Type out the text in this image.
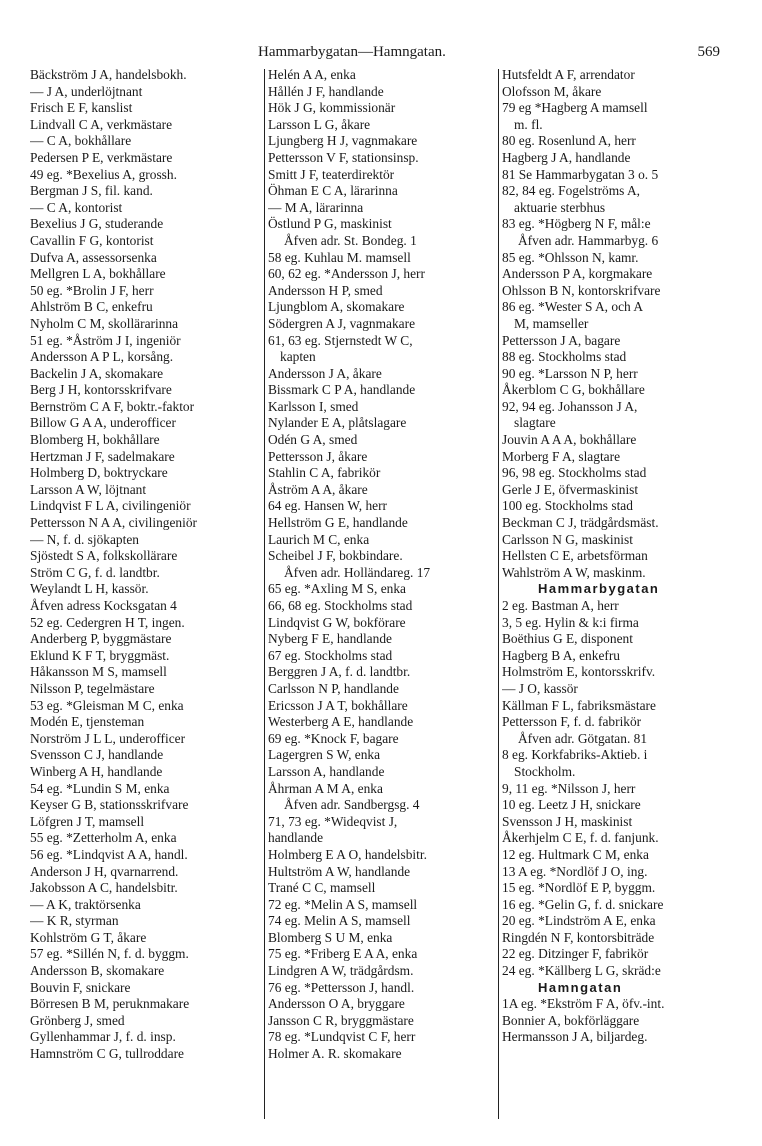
Hammarbygatan—Hamngatan.	569
Bäckström J A, handelsbokh.
— J A, underlöjtnant
Frisch E F, kanslist
Lindvall C A, verkmästare
— C A, bokhållare
Pedersen P E, verkmästare
49 eg. *Bexelius A, grossh.
Bergman J S, fil. kand.
— C A, kontorist
Bexelius J G, studerande
Cavallin F G, kontorist
Dufva A, assessorsenka
Mellgren L A, bokhållare
50 eg. *Brolin J F, herr
Ahlström B C, enkefru
Nyholm C M, skollärarinna
51 eg. *Åström J I, ingeniör
Andersson A P L, korsång.
Backelin J A, skomakare
Berg J H, kontorsskrifvare
Bernström C A F, boktr.-faktor
Billow G A A, underofficer
Blomberg H, bokhållare
Hertzman J F, sadelmakare
Holmberg D, boktryckare
Larsson A W, löjtnant
Lindqvist F L A, civilingeniör
Pettersson N A A, civilingeniör
— N, f. d. sjökapten
Sjöstedt S A, folkskollärare
Ström C G, f. d. landtbr.
Weylandt L H, kassör.
Åfven adress Kocksgatan 4
52 eg. Cedergren H T, ingen.
Anderberg P, byggmästare
Eklund K F T, bryggmäst.
Håkansson M S, mamsell
Nilsson P, tegelmästare
53 eg. *Gleisman M C, enka
Modén E, tjensteman
Norström J L L, underofficer
Svensson C J, handlande
Winberg A H, handlande
54 eg. *Lundin S M, enka
Keyser G B, stationsskrifvare
Löfgren J T, mamsell
55 eg. *Zetterholm A, enka
56 eg. *Lindqvist A A, handl.
Anderson J H, qvarnarrend.
Jakobsson A C, handelsbitr.
— A K, traktörsenka
— K R, styrman
Kohlström G T, åkare
57 eg. *Sillén N, f. d. byggm.
Andersson B, skomakare
Bouvin F, snickare
Börresen B M, peruknmakare
Grönberg J, smed
Gyllenhammar J, f. d. insp.
Hamnström C G, tullroddare
Helén A A, enka
Hållén J F, handlande
Hök J G, kommissionär
Larsson L G, åkare
Ljungberg H J, vagnmakare
Pettersson V F, stationsinsp.
Smitt J F, teaterdirektör
Öhman E C A, lärarinna
— M A, lärarinna
Östlund P G, maskinist
Åfven adr. St. Bondeg. 1
58 eg. Kuhlau M. mamsell
60, 62 eg. *Andersson J, herr
Andersson H P, smed
Ljungblom A, skomakare
Södergren A J, vagnmakare
61, 63 eg. Stjernstedt W C,
kapten
Andersson J A, åkare
Bissmark C P A, handlande
Karlsson I, smed
Nylander E A, plåtslagare
Odén G A, smed
Pettersson J, åkare
Stahlin C A, fabrikör
Åström A A, åkare
64 eg. Hansen W, herr
Hellström G E, handlande
Laurich M C, enka
Scheibel J F, bokbindare.
Åfven adr. Holländareg. 17
65 eg. *Axling M S, enka
66, 68 eg. Stockholms stad
Lindqvist G W, bokförare
Nyberg F E, handlande
67 eg. Stockholms stad
Berggren J A, f. d. landtbr.
Carlsson N P, handlande
Ericsson J A T, bokhållare
Westerberg A E, handlande
69 eg. *Knock F, bagare
Lagergren S W, enka
Larsson A, handlande
Åhrman A M A, enka
Åfven adr. Sandbergsg. 4
71, 73 eg. *Wideqvist J,
handlande
Holmberg E A O, handelsbitr.
Hultström A W, handlande
Trané C C, mamsell
72 eg. *Melin A S, mamsell
74 eg. Melin A S, mamsell
Blomberg S U M, enka
75 eg. *Friberg E A A, enka
Lindgren A W, trädgårdsm.
76 eg. *Pettersson J, handl.
Andersson O A, bryggare
Jansson C R, bryggmästare
78 eg. *Lundqvist C F, herr
Holmer A. R. skomakare
Hutsfeldt A F, arrendator
Olofsson M, åkare
79 eg *Hagberg A mamsell
m. fl.
80 eg. Rosenlund A, herr
Hagberg J A, handlande
81 Se Hammarbygatan 3 o. 5
82, 84 eg. Fogelströms A,
aktuarie sterbhus
83 eg. *Högberg N F, mål:e
Åfven adr. Hammarbyg. 6
85 eg. *Ohlsson N, kamr.
Andersson P A, korgmakare
Ohlsson B N, kontorskrifvare
86 eg. *Wester S A, och A
M, mamseller
Pettersson J A, bagare
88 eg. Stockholms stad
90 eg. *Larsson N P, herr
Åkerblom C G, bokhållare
92, 94 eg. Johansson J A,
slagtare
Jouvin A A A, bokhållare
Morberg F A, slagtare
96, 98 eg. Stockholms stad
Gerle J E, öfvermaskinist
100 eg. Stockholms stad
Beckman C J, trädgårdsmäst.
Carlsson N G, maskinist
Hellsten C E, arbetsförman
Wahlström A W, maskinm.
Hammarbygatan
2 eg. Bastman A, herr
3, 5 eg. Hylin & k:i firma
Boëthius G E, disponent
Hagberg B A, enkefru
Holmström E, kontorsskrifv.
— J O, kassör
Källman F L, fabriksmästare
Pettersson F, f. d. fabrikör
Åfven adr. Götgatan. 81
8 eg. Korkfabriks-Aktieb. i
Stockholm.
9, 11 eg. *Nilsson J, herr
10 eg. Leetz J H, snickare
Svensson J H, maskinist
Åkerhjelm C E, f. d. fanjunk.
12 eg. Hultmark C M, enka
13 A eg. *Nordlöf J O, ing.
15 eg. *Nordlöf E P, byggm.
16 eg. *Gelin G, f. d. snickare
20 eg. *Lindström A E, enka
Ringdén N F, kontorsbiträde
22 eg. Ditzinger F, fabrikör
24 eg. *Källberg L G, skräd:e
Hamngatan
1A eg. *Ekström F A, öfv.-int.
Bonnier A, bokförläggare
Hermansson J A, biljardeg.
